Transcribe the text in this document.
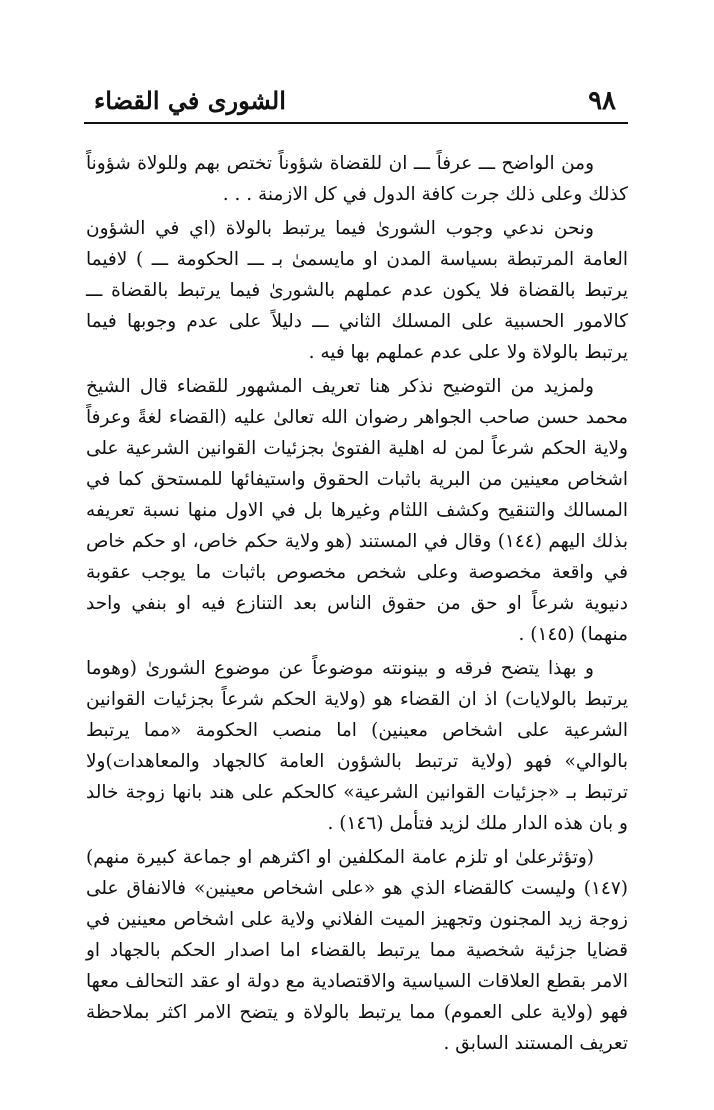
٩٨
الشورى في القضاء

ومن الواضح ـــ عرفاً ـــ ان للقضاة شؤوناً تختص بهم وللولاة شؤوناً كذلك وعلى ذلك جرت كافة الدول في كل الازمنة . . .

ونحن ندعي وجوب الشورىٰ فيما يرتبط بالولاة (اي في الشؤون العامة المرتبطة بسياسة المدن او مايسمىٰ بـ ـــ الحكومة ـــ ) لافيما يرتبط بالقضاة فلا يكون عدم عملهم بالشورىٰ فيما يرتبط بالقضاة ـــ كالامور الحسبية على المسلك الثاني ـــ دليلاً على عدم وجوبها فيما يرتبط بالولاة ولا على عدم عملهم بها فيه .

ولمزيد من التوضيح نذكر هنا تعريف المشهور للقضاء قال الشيخ محمد حسن صاحب الجواهر رضوان الله تعالىٰ عليه (القضاء لغةً وعرفاً ولاية الحكم شرعاً لمن له اهلية الفتوىٰ بجزئيات القوانين الشرعية على اشخاص معينين من البرية باثبات الحقوق واستيفائها للمستحق كما في المسالك والتنقيح وكشف اللثام وغيرها بل في الاول منها نسبة تعريفه بذلك اليهم (١٤٤) وقال في المستند (هو ولاية حكم خاص، او حكم خاص في واقعة مخصوصة وعلى شخص مخصوص باثبات ما يوجب عقوبة دنيوية شرعاً او حق من حقوق الناس بعد التنازع فيه او بنفي واحد منهما) (١٤٥) .

و بهذا يتضح فرقه و بينونته موضوعاً عن موضوع الشورىٰ (وهوما يرتبط بالولايات) اذ ان القضاء هو (ولاية الحكم شرعاً بجزئيات القوانين الشرعية على اشخاص معينين) اما منصب الحكومة «مما يرتبط بالوالي» فهو (ولاية ترتبط بالشؤون العامة كالجهاد والمعاهدات)ولا ترتبط بـ «جزئيات القوانين الشرعية» كالحكم على هند بانها زوجة خالد و بان هذه الدار ملك لزيد فتأمل (١٤٦) .

(وتؤثرعلىٰ او تلزم عامة المكلفين او اكثرهم او جماعة كبيرة منهم) (١٤٧) وليست كالقضاء الذي هو «على اشخاص معينين» فالانفاق على زوجة زيد المجنون وتجهيز الميت الفلاني ولاية على اشخاص معينين في قضايا جزئية شخصية مما يرتبط بالقضاء اما اصدار الحكم بالجهاد او الامر بقطع العلاقات السياسية والاقتصادية مع دولة او عقد التحالف معها فهو (ولاية على العموم) مما يرتبط بالولاة و يتضح الامر اكثر بملاحظة تعريف المستند السابق .
